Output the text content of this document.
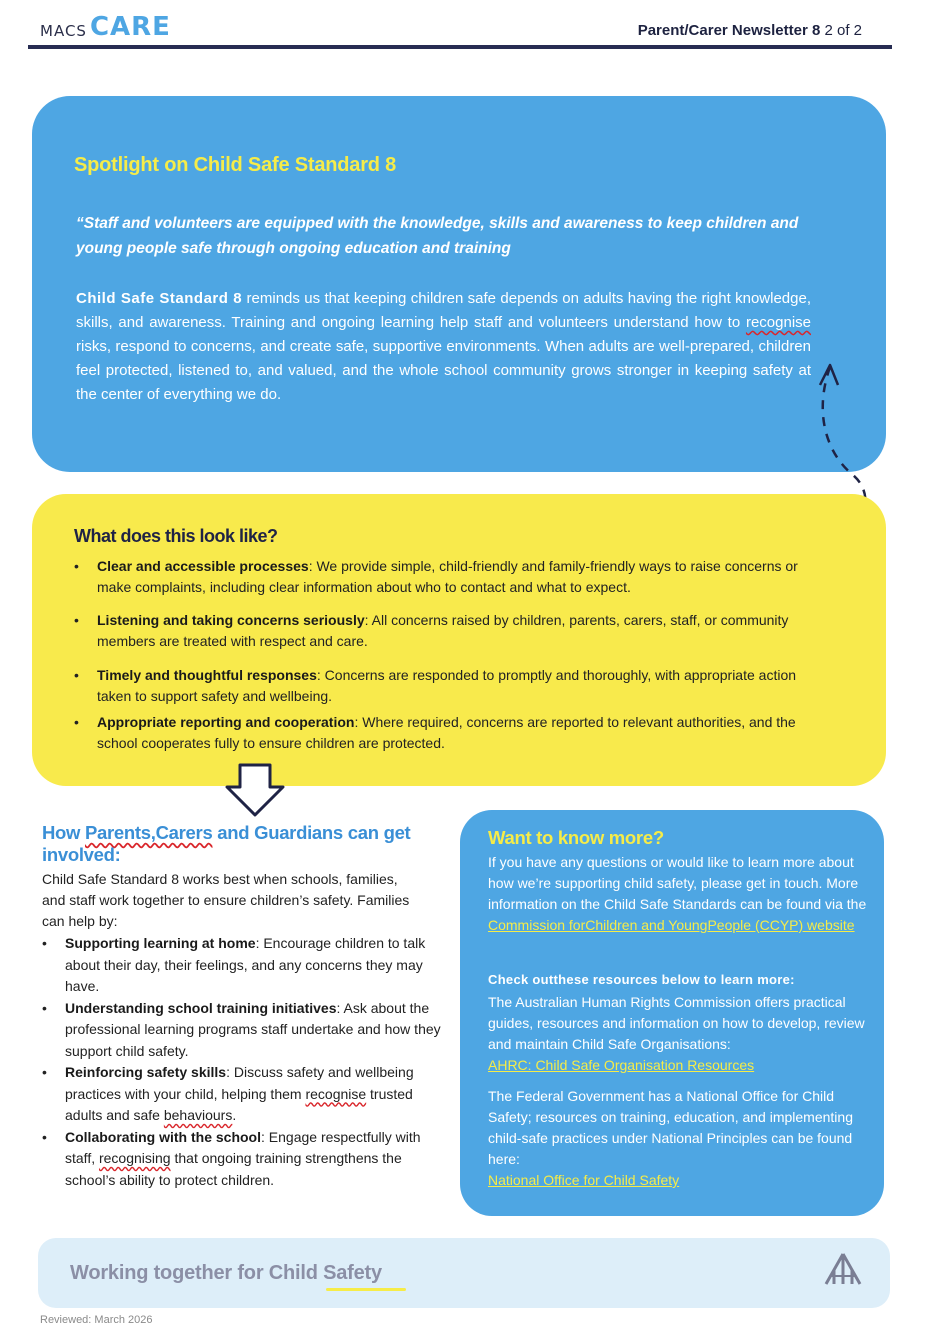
MACS CARE	Parent/Carer Newsletter 8 2 of 2
Spotlight on Child Safe Standard 8
“Staff and volunteers are equipped with the knowledge, skills and awareness to keep children and young people safe through ongoing education and training
Child Safe Standard 8 reminds us that keeping children safe depends on adults having the right knowledge, skills, and awareness. Training and ongoing learning help staff and volunteers understand how to recognise risks, respond to concerns, and create safe, supportive environments. When adults are well-prepared, children feel protected, listened to, and valued, and the whole school community grows stronger in keeping safety at the center of everything we do.
What does this look like?
• Clear and accessible processes: We provide simple, child-friendly and family-friendly ways to raise concerns or make complaints, including clear information about who to contact and what to expect.
• Listening and taking concerns seriously: All concerns raised by children, parents, carers, staff, or community members are treated with respect and care.
• Timely and thoughtful responses: Concerns are responded to promptly and thoroughly, with appropriate action taken to support safety and wellbeing.
• Appropriate reporting and cooperation: Where required, concerns are reported to relevant authorities, and the school cooperates fully to ensure children are protected.
How Parents,Carers and Guardians can get involved:
Child Safe Standard 8 works best when schools, families, and staff work together to ensure children’s safety. Families can help by:
• Supporting learning at home: Encourage children to talk about their day, their feelings, and any concerns they may have.
• Understanding school training initiatives: Ask about the professional learning programs staff undertake and how they support child safety.
• Reinforcing safety skills: Discuss safety and wellbeing practices with your child, helping them recognise trusted adults and safe behaviours.
• Collaborating with the school: Engage respectfully with staff, recognising that ongoing training strengthens the school’s ability to protect children.
Want to know more?
If you have any questions or would like to learn more about how we’re supporting child safety, please get in touch. More information on the Child Safe Standards can be found via the Commission forChildren and YoungPeople (CCYP) website
Check outthese resources below to learn more:
The Australian Human Rights Commission offers practical guides, resources and information on how to develop, review and maintain Child Safe Organisations:
AHRC: Child Safe Organisation Resources
The Federal Government has a National Office for Child Safety; resources on training, education, and implementing child-safe practices under National Principles can be found here:
National Office for Child Safety
Working together for Child Safety
Reviewed: March 2026
